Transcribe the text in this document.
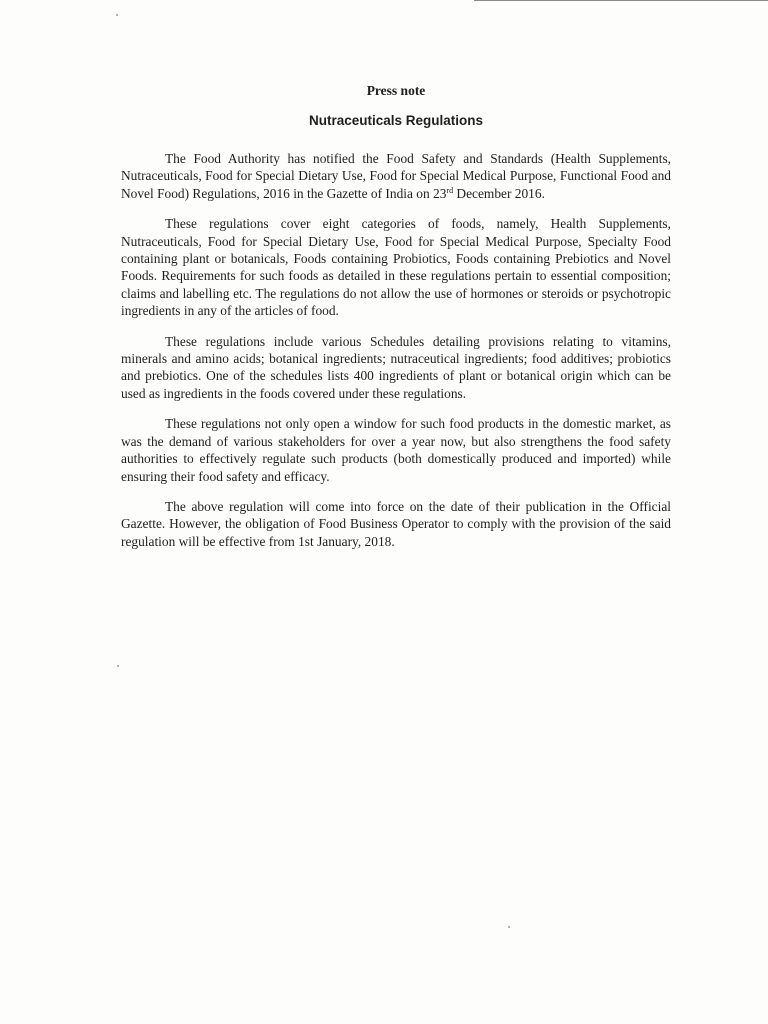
Press note
Nutraceuticals Regulations

The Food Authority has notified the Food Safety and Standards (Health Supplements, Nutraceuticals, Food for Special Dietary Use, Food for Special Medical Purpose, Functional Food and Novel Food) Regulations, 2016 in the Gazette of India on 23rd December 2016.

These regulations cover eight categories of foods, namely, Health Supplements, Nutraceuticals, Food for Special Dietary Use, Food for Special Medical Purpose, Specialty Food containing plant or botanicals, Foods containing Probiotics, Foods containing Prebiotics and Novel Foods. Requirements for such foods as detailed in these regulations pertain to essential composition; claims and labelling etc. The regulations do not allow the use of hormones or steroids or psychotropic ingredients in any of the articles of food.

These regulations include various Schedules detailing provisions relating to vitamins, minerals and amino acids; botanical ingredients; nutraceutical ingredients; food additives; probiotics and prebiotics. One of the schedules lists 400 ingredients of plant or botanical origin which can be used as ingredients in the foods covered under these regulations.

These regulations not only open a window for such food products in the domestic market, as was the demand of various stakeholders for over a year now, but also strengthens the food safety authorities to effectively regulate such products (both domestically produced and imported) while ensuring their food safety and efficacy.

The above regulation will come into force on the date of their publication in the Official Gazette. However, the obligation of Food Business Operator to comply with the provision of the said regulation will be effective from 1st January, 2018.
